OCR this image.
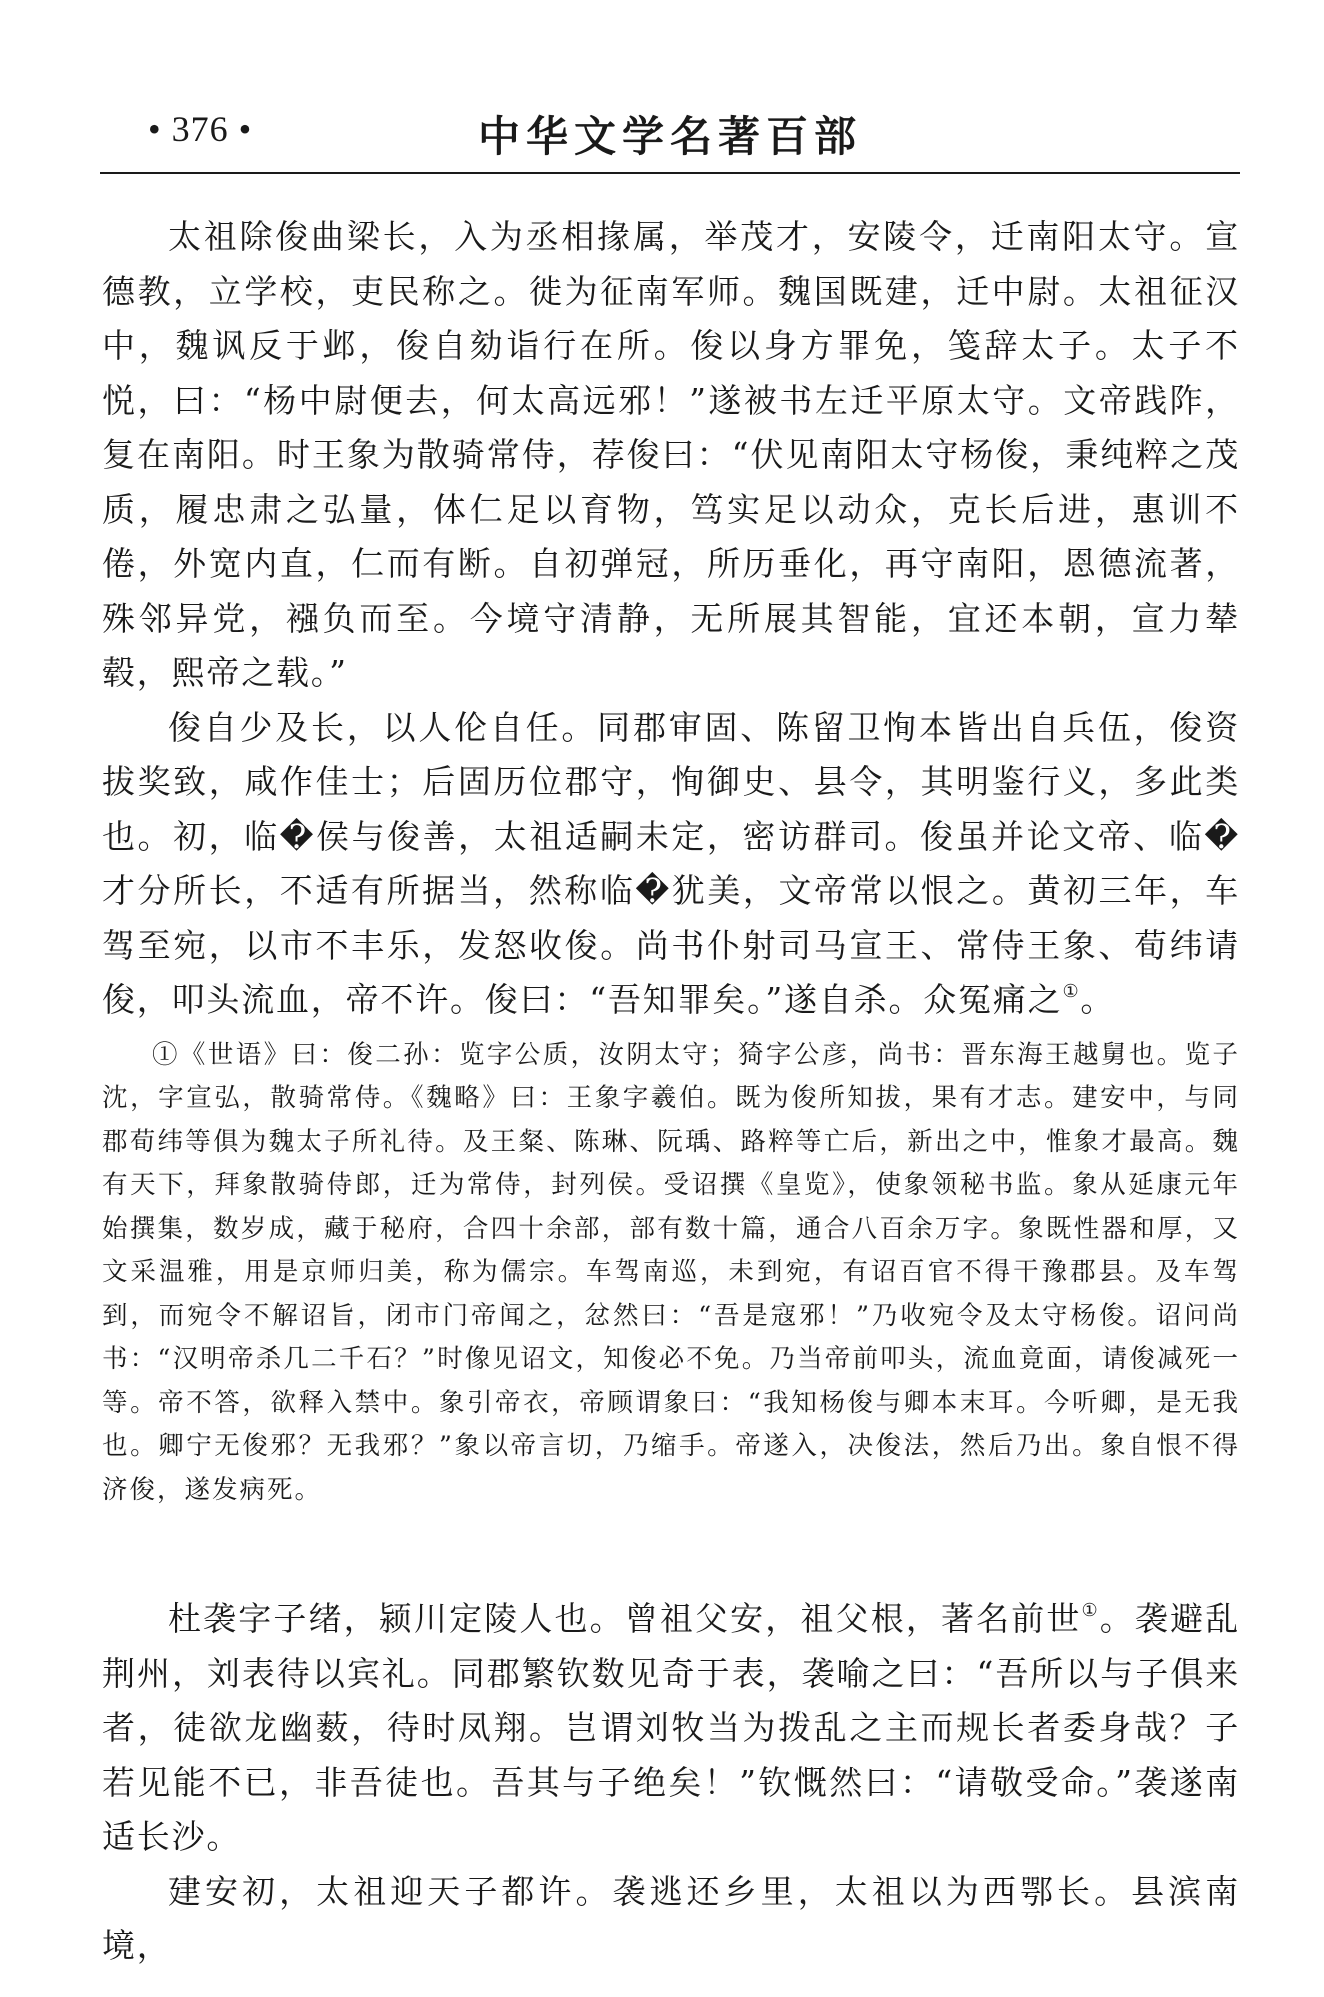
• 376 •	中华文学名著百部

太祖除俊曲梁长，入为丞相掾属，举茂才，安陵令，迁南阳太守。宣德教，立学校，吏民称之。徙为征南军师。魏国既建，迁中尉。太祖征汉中，魏讽反于邺，俊自劾诣行在所。俊以身方罪免，笺辞太子。太子不悦，曰：“杨中尉便去，何太高远邪！”遂被书左迁平原太守。文帝践阼，复在南阳。时王象为散骑常侍，荐俊曰：“伏见南阳太守杨俊，秉纯粹之茂质，履忠肃之弘量，体仁足以育物，笃实足以动众，克长后进，惠训不倦，外宽内直，仁而有断。自初弹冠，所历垂化，再守南阳，恩德流著，殊邻异党，襁负而至。今境守清静，无所展其智能，宜还本朝，宣力辇毂，熙帝之载。”

俊自少及长，以人伦自任。同郡审固、陈留卫恂本皆出自兵伍，俊资拔奖致，咸作佳士；后固历位郡守，恂御史、县令，其明鉴行义，多此类也。初，临�侯与俊善，太祖适嗣未定，密访群司。俊虽并论文帝、临�才分所长，不适有所据当，然称临�犹美，文帝常以恨之。黄初三年，车驾至宛，以市不丰乐，发怒收俊。尚书仆射司马宣王、常侍王象、荀纬请俊，叩头流血，帝不许。俊曰：“吾知罪矣。”遂自杀。众冤痛之①。

①《世语》曰：俊二孙：览字公质，汝阴太守；猗字公彦，尚书：晋东海王越舅也。览子沈，字宣弘，散骑常侍。《魏略》曰：王象字羲伯。既为俊所知拔，果有才志。建安中，与同郡荀纬等俱为魏太子所礼待。及王粲、陈琳、阮瑀、路粹等亡后，新出之中，惟象才最高。魏有天下，拜象散骑侍郎，迁为常侍，封列侯。受诏撰《皇览》，使象领秘书监。象从延康元年始撰集，数岁成，藏于秘府，合四十余部，部有数十篇，通合八百余万字。象既性器和厚，又文采温雅，用是京师归美，称为儒宗。车驾南巡，未到宛，有诏百官不得干豫郡县。及车驾到，而宛令不解诏旨，闭市门帝闻之，忿然曰：“吾是寇邪！”乃收宛令及太守杨俊。诏问尚书：“汉明帝杀几二千石？”时像见诏文，知俊必不免。乃当帝前叩头，流血竟面，请俊减死一等。帝不答，欲释入禁中。象引帝衣，帝顾谓象曰：“我知杨俊与卿本末耳。今听卿，是无我也。卿宁无俊邪？无我邪？”象以帝言切，乃缩手。帝遂入，决俊法，然后乃出。象自恨不得济俊，遂发病死。

杜袭字子绪，颍川定陵人也。曾祖父安，祖父根，著名前世①。袭避乱荆州，刘表待以宾礼。同郡繁钦数见奇于表，袭喻之曰：“吾所以与子俱来者，徒欲龙幽薮，待时凤翔。岂谓刘牧当为拨乱之主而规长者委身哉？子若见能不已，非吾徒也。吾其与子绝矣！”钦慨然曰：“请敬受命。”袭遂南适长沙。

建安初，太祖迎天子都许。袭逃还乡里，太祖以为西鄂长。县滨南境，
